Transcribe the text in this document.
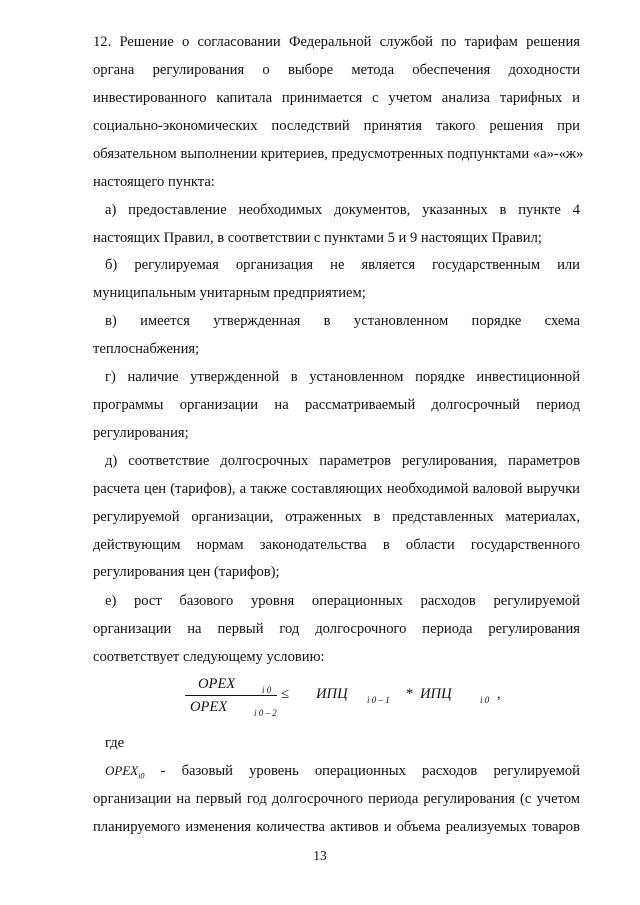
12. Решение о согласовании Федеральной службой по тарифам решения
органа регулирования о выборе метода обеспечения доходности
инвестированного капитала принимается с учетом анализа тарифных и
социально-экономических последствий принятия такого решения при
обязательном выполнении критериев, предусмотренных подпунктами «а»-«ж»
настоящего пункта:
а) предоставление необходимых документов, указанных в пункте 4
настоящих Правил, в соответствии с пунктами 5 и 9 настоящих Правил;
б) регулируемая организация не является государственным или
муниципальным унитарным предприятием;
в) имеется утвержденная в установленном порядке схема
теплоснабжения;
г) наличие утвержденной в установленном порядке инвестиционной
программы организации на рассматриваемый долгосрочный период
регулирования;
д) соответствие долгосрочных параметров регулирования, параметров
расчета цен (тарифов), а также составляющих необходимой валовой выручки
регулируемой организации, отраженных в представленных материалах,
действующим нормам законодательства в области государственного
регулирования цен (тарифов);
е) рост базового уровня операционных расходов регулируемой
организации на первый год долгосрочного периода регулирования
соответствует следующему условию:
OPEX	i 0
OPEX	i 0 – 2
≤ ИПЦ i 0 – 1 * ИПЦ	i 0 ,
где
$OPEX_{i0}$ - базовый уровень операционных расходов регулируемой
организации на первый год долгосрочного периода регулирования (с учетом
планируемого изменения количества активов и объема реализуемых товаров
13
